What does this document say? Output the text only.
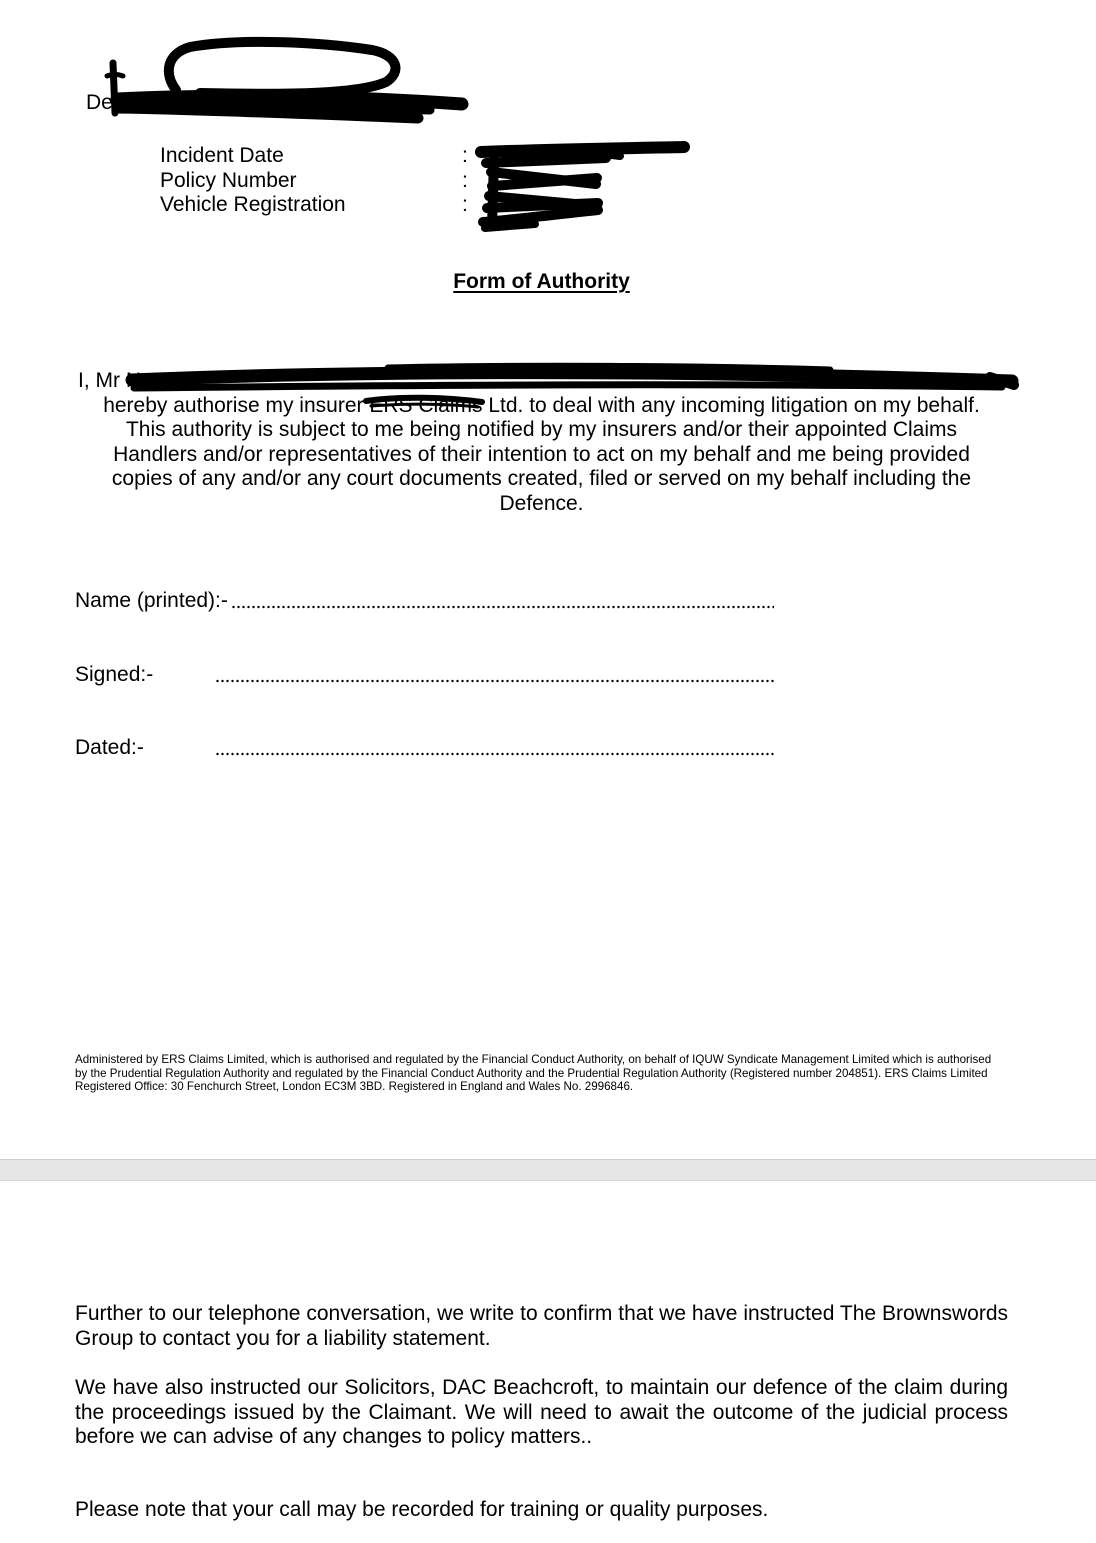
De
Incident Date
Policy Number
Vehicle Registration
:
:
:
Form of Authority
I, Mr N
hereby authorise my insurer ERS Claims Ltd. to deal with any incoming litigation on my behalf.
This authority is subject to me being notified by my insurers and/or their appointed Claims
Handlers and/or representatives of their intention to act on my behalf and me being provided
copies of any and/or any court documents created, filed or served on my behalf including the
Defence.
Name (printed):-
Signed:-
Dated:-
Administered by ERS Claims Limited, which is authorised and regulated by the Financial Conduct Authority, on behalf of IQUW Syndicate Management Limited which is authorised
by the Prudential Regulation Authority and regulated by the Financial Conduct Authority and the Prudential Regulation Authority (Registered number 204851). ERS Claims Limited
Registered Office: 30 Fenchurch Street, London EC3M 3BD. Registered in England and Wales No. 2996846.
Further to our telephone conversation, we write to confirm that we have instructed The Brownswords
Group to contact you for a liability statement.
We have also instructed our Solicitors, DAC Beachcroft, to maintain our defence of the claim during
the proceedings issued by the Claimant. We will need to await the outcome of the judicial process
before we can advise of any changes to policy matters..
Please note that your call may be recorded for training or quality purposes.
